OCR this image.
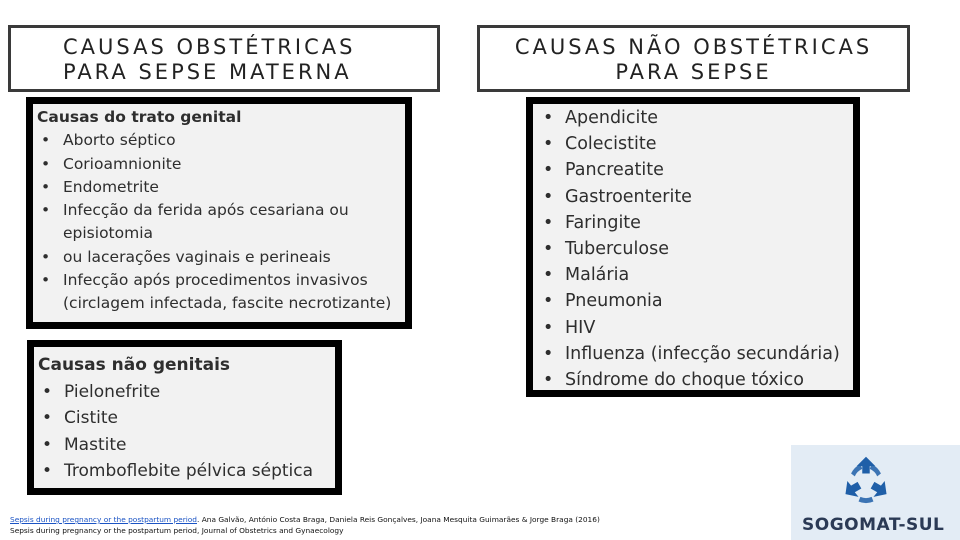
CAUSAS OBSTÉTRICAS
PARA SEPSE MATERNA
CAUSAS NÃO OBSTÉTRICAS
PARA SEPSE
Causas do trato genital
• Aborto séptico
• Corioamnionite
• Endometrite
• Infecção da ferida após cesariana ou episiotomia
• ou lacerações vaginais e perineais
• Infecção após procedimentos invasivos (circlagem infectada, fascite necrotizante)
Causas não genitais
• Pielonefrite
• Cistite
• Mastite
• Tromboflebite pélvica séptica
• Apendicite
• Colecistite
• Pancreatite
• Gastroenterite
• Faringite
• Tuberculose
• Malária
• Pneumonia
• HIV
• Influenza (infecção secundária)
• Síndrome do choque tóxico
Sepsis during pregnancy or the postpartum period. Ana Galvão, António Costa Braga, Daniela Reis Gonçalves, Joana Mesquita Guimarães & Jorge Braga (2016)
Sepsis during pregnancy or the postpartum period, Journal of Obstetrics and Gynaecology	SOGOMAT-SUL
